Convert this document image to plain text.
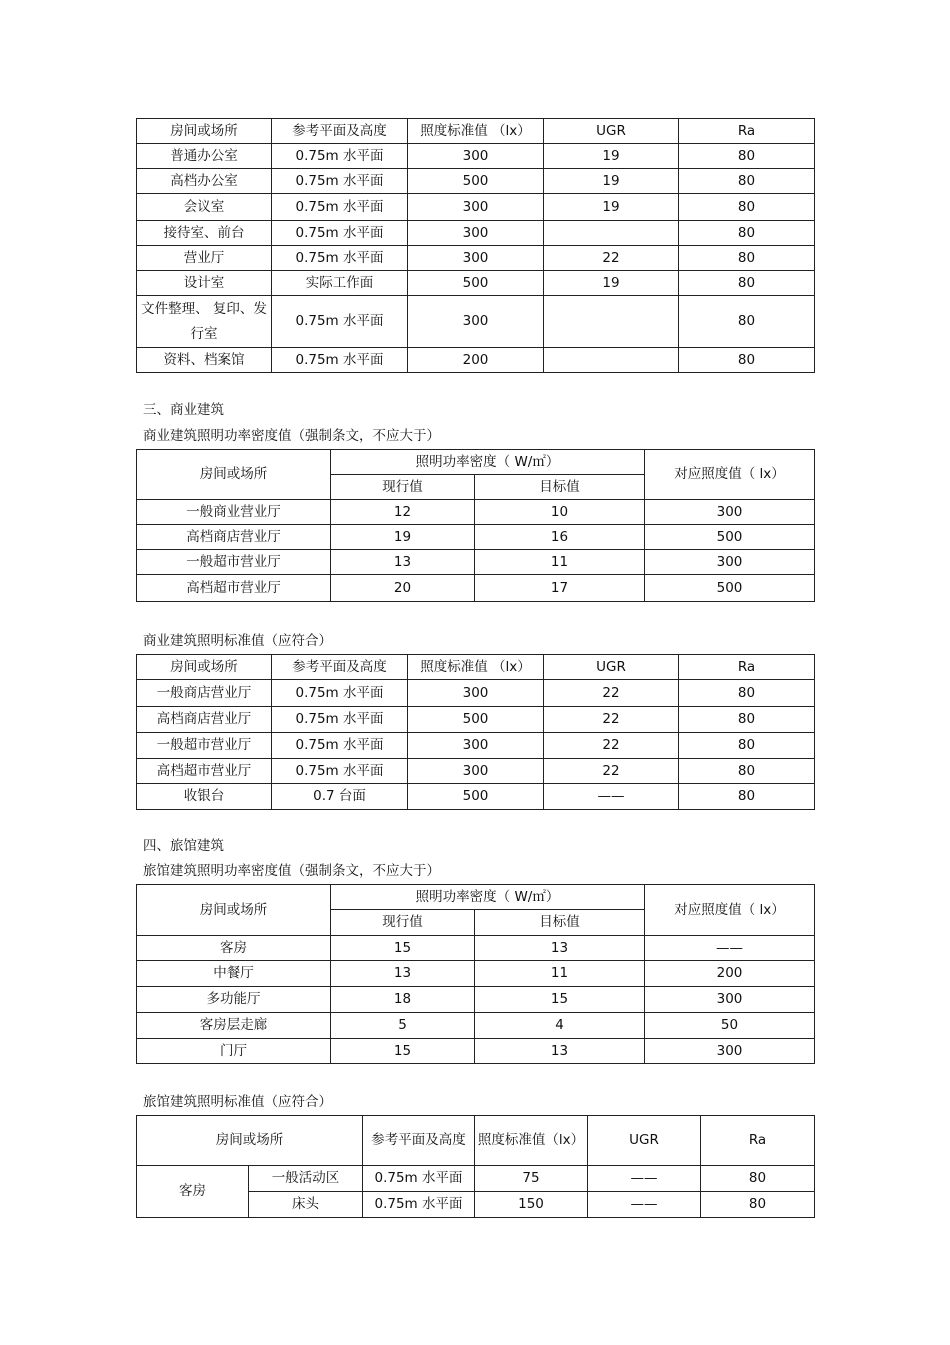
房间或场所	参考平面及高度	照度标准值 （lx）	UGR	Ra
普通办公室	0.75m 水平面	300	19	80
高档办公室	0.75m 水平面	500	19	80
会议室	0.75m 水平面	300	19	80
接待室、前台	0.75m 水平面	300		80
营业厅	0.75m 水平面	300	22	80
设计室	实际工作面	500	19	80
文件整理、 复印、发行室	0.75m 水平面	300		80
资料、档案馆	0.75m 水平面	200		80
三、商业建筑
商业建筑照明功率密度值（强制条文，不应大于）
房间或场所	照明功率密度（ W/㎡）		对应照度值（ lx）
	现行值	目标值	
一般商业营业厅	12	10	300
高档商店营业厅	19	16	500
一般超市营业厅	13	11	300
高档超市营业厅	20	17	500
商业建筑照明标准值（应符合）
房间或场所	参考平面及高度	照度标准值 （lx）	UGR	Ra
一般商店营业厅	0.75m 水平面	300	22	80
高档商店营业厅	0.75m 水平面	500	22	80
一般超市营业厅	0.75m 水平面	300	22	80
高档超市营业厅	0.75m 水平面	300	22	80
收银台	0.7 台面	500	——	80
四、旅馆建筑
旅馆建筑照明功率密度值（强制条文，不应大于）
房间或场所	照明功率密度（ W/㎡）		对应照度值（ lx）
	现行值	目标值	
客房	15	13	——
中餐厅	13	11	200
多功能厅	18	15	300
客房层走廊	5	4	50
门厅	15	13	300
旅馆建筑照明标准值（应符合）
房间或场所		参考平面及高度	照度标准值（lx）	UGR	Ra
客房	一般活动区	0.75m 水平面	75	——	80
	床头	0.75m 水平面	150	——	80
